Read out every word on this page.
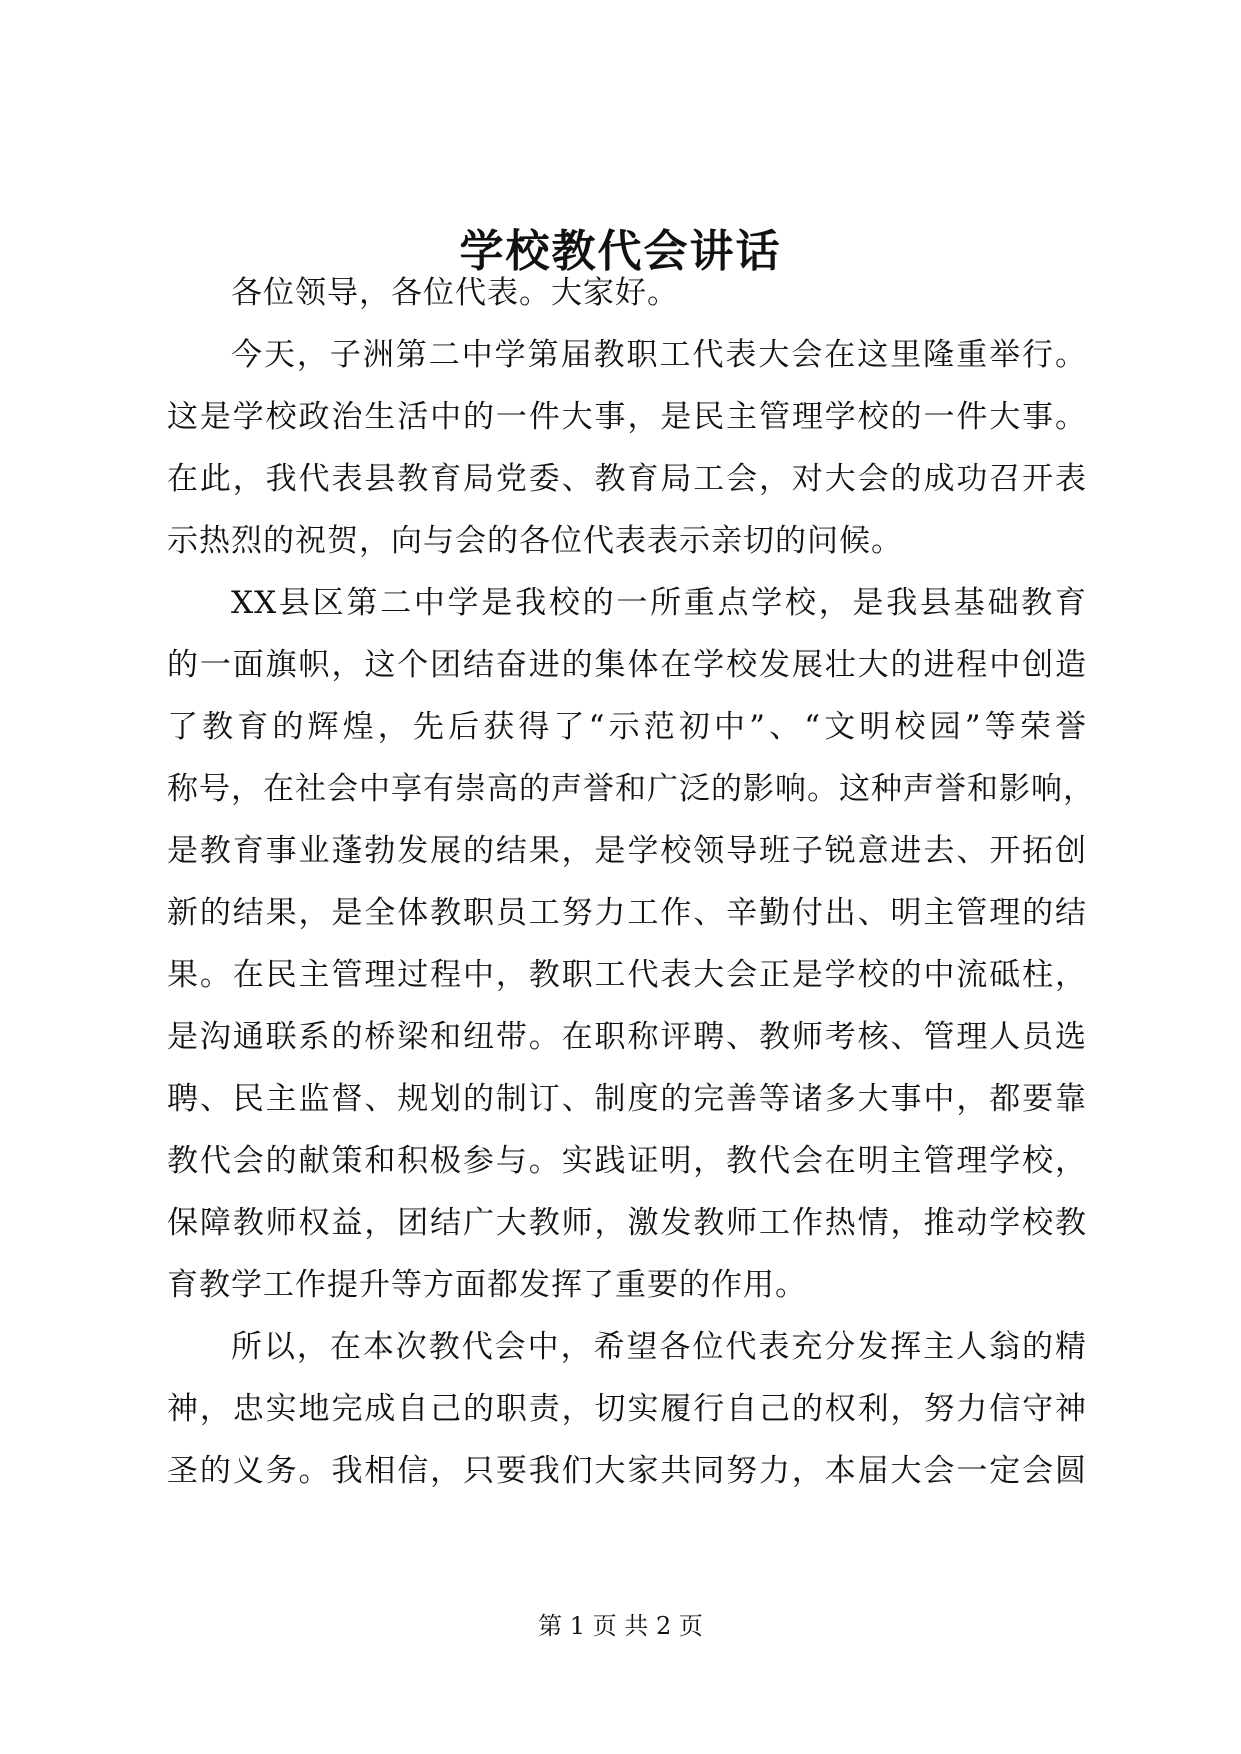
学校教代会讲话
各位领导，各位代表。大家好。
今天，子洲第二中学第届教职工代表大会在这里隆重举行。
这是学校政治生活中的一件大事，是民主管理学校的一件大事。
在此，我代表县教育局党委、教育局工会，对大会的成功召开表
示热烈的祝贺，向与会的各位代表表示亲切的问候。
XX县区第二中学是我校的一所重点学校，是我县基础教育
的一面旗帜，这个团结奋进的集体在学校发展壮大的进程中创造
了教育的辉煌，先后获得了“示范初中”、“文明校园”等荣誉
称号，在社会中享有崇高的声誉和广泛的影响。这种声誉和影响，
是教育事业蓬勃发展的结果，是学校领导班子锐意进去、开拓创
新的结果，是全体教职员工努力工作、辛勤付出、明主管理的结
果。在民主管理过程中，教职工代表大会正是学校的中流砥柱，
是沟通联系的桥梁和纽带。在职称评聘、教师考核、管理人员选
聘、民主监督、规划的制订、制度的完善等诸多大事中，都要靠
教代会的献策和积极参与。实践证明，教代会在明主管理学校，
保障教师权益，团结广大教师，激发教师工作热情，推动学校教
育教学工作提升等方面都发挥了重要的作用。
所以，在本次教代会中，希望各位代表充分发挥主人翁的精
神，忠实地完成自己的职责，切实履行自己的权利，努力信守神
圣的义务。我相信，只要我们大家共同努力，本届大会一定会圆
第 1 页 共 2 页
